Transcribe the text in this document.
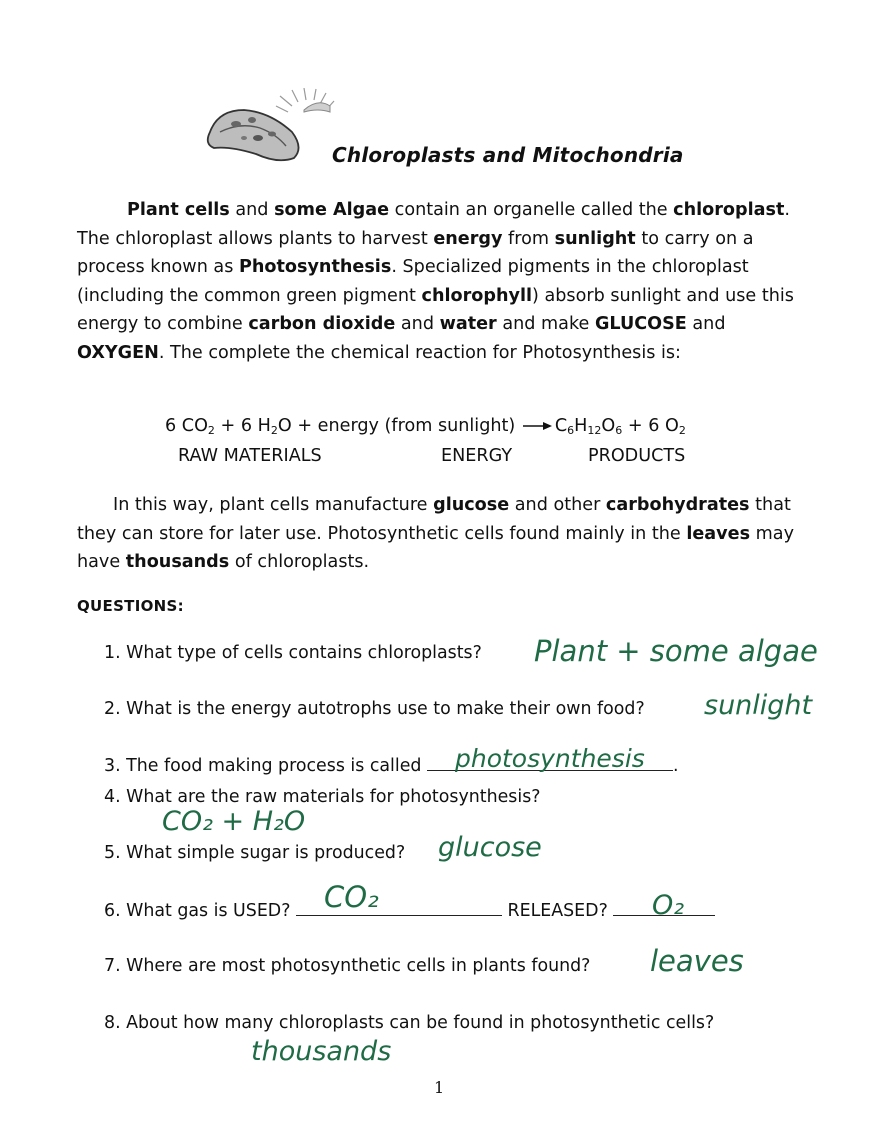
Chloroplasts and Mitochondria

Plant cells and some Algae contain an organelle called the chloroplast. The chloroplast allows plants to harvest energy from sunlight to carry on a process known as Photosynthesis. Specialized pigments in the chloroplast (including the common green pigment chlorophyll) absorb sunlight and use this energy to combine carbon dioxide and water and make GLUCOSE and OXYGEN. The complete the chemical reaction for Photosynthesis is:

6 $CO_2 + 6$ $H_2O$ + energy (from sunlight) $C_6H_{12}O_6 + 6$ $O_2$
RAW MATERIALS	ENERGY	PRODUCTS

In this way, plant cells manufacture glucose and other carbohydrates that they can store for later use. Photosynthetic cells found mainly in the leaves may have thousands of chloroplasts.

QUESTIONS:
1. What type of cells contains chloroplasts? Plant + some algae
2. What is the energy autotrophs use to make their own food? sunlight
3. The food making process is called	.
photosynthesis
4. What are the raw materials for photosynthesis?
CO₂ + H₂O
5. What simple sugar is produced? glucose
6. What gas is USED?	RELEASED?
CO₂	O₂
7. Where are most photosynthetic cells in plants found? leaves
8. About how many chloroplasts can be found in photosynthetic cells?
thousands
1
